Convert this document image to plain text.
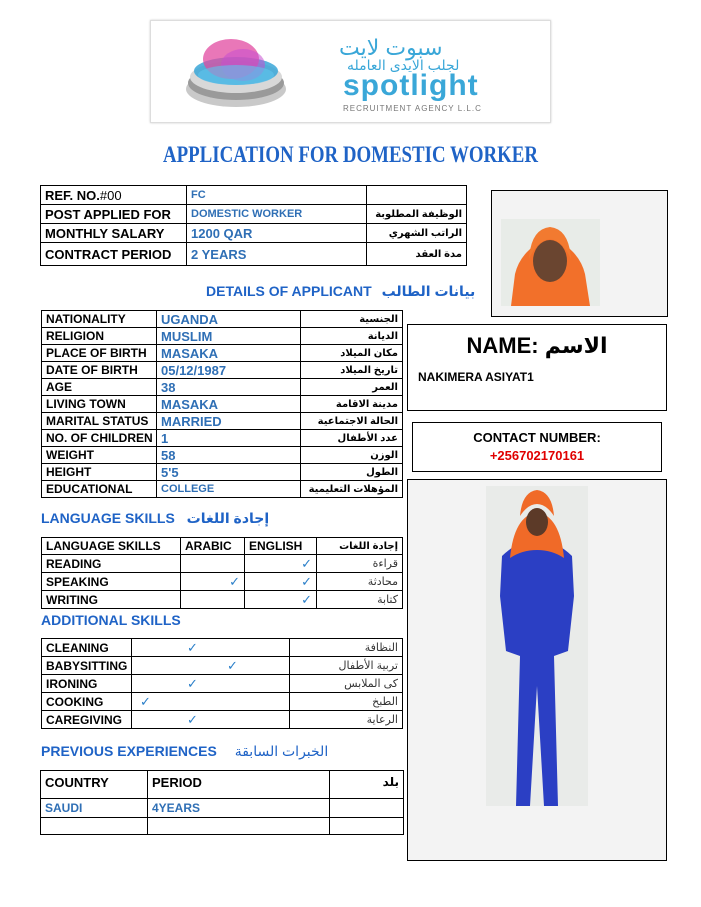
سبوت لايت
لجلب الايدى العامله
spotlight
RECRUITMENT AGENCY L.L.C
APPLICATION FOR DOMESTIC WORKER
REF. NO.#00	FC	
POST APPLIED FOR	DOMESTIC WORKER	الوظيفة المطلوبة
MONTHLY SALARY	1200 QAR	الراتب الشهري
CONTRACT PERIOD	2 YEARS	مدة العقد
DETAILS OF APPLICANT بيانات الطالب
NATIONALITY	UGANDA	الجنسية
RELIGION	MUSLIM	الديانة
PLACE OF BIRTH	MASAKA	مكان الميلاد
DATE OF BIRTH	05/12/1987	تاريخ الميلاد
AGE	38	العمر
LIVING TOWN	MASAKA	مدينة الاقامة
MARITAL STATUS	MARRIED	الحالة الاجتماعية
NO. OF CHILDREN	1	عدد الأطفال
WEIGHT	58	الوزن
HEIGHT	5'5	الطول
EDUCATIONAL	COLLEGE	المؤهلات التعليمية
NAME: الاسم
NAKIMERA ASIYAT1
CONTACT NUMBER:
+256702170161
LANGUAGE SKILLS إجادة اللغات
LANGUAGE SKILLS	ARABIC	ENGLISH	إجادة اللغات
READING		✓	قراءة
SPEAKING	✓	✓	محادثة
WRITING		✓	كتابة
ADDITIONAL SKILLS
CLEANING	✓	النظافة
BABYSITTING	✓	تربية الأطفال
IRONING	✓	كى الملابس
COOKING	✓	الطبخ
CAREGIVING	✓	الرعاية
PREVIOUS EXPERIENCES الخبرات السابقة
COUNTRY	PERIOD	بلد
SAUDI	4YEARS	
